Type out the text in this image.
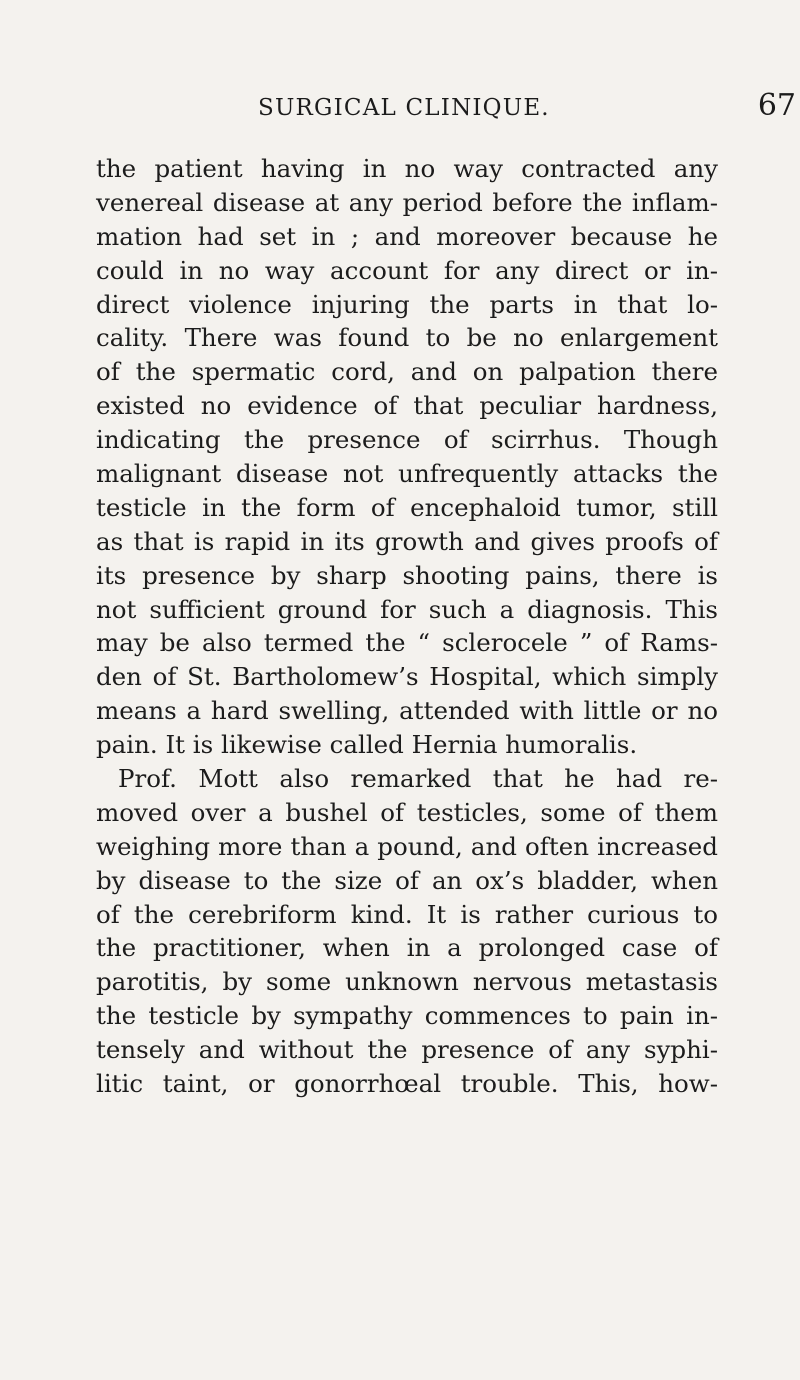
SURGICAL CLINIQUE.	67
the patient having in no way contracted any
venereal disease at any period before the inflam-
mation had set in ; and moreover because he
could in no way account for any direct or in-
direct violence injuring the parts in that lo-
cality. There was found to be no enlargement
of the spermatic cord, and on palpation there
existed no evidence of that peculiar hardness,
indicating the presence of scirrhus. Though
malignant disease not unfrequently attacks the
testicle in the form of encephaloid tumor, still
as that is rapid in its growth and gives proofs of
its presence by sharp shooting pains, there is
not sufficient ground for such a diagnosis. This
may be also termed the “ sclerocele ” of Rams-
den of St. Bartholomew’s Hospital, which simply
means a hard swelling, attended with little or no
pain. It is likewise called Hernia humoralis.
Prof. Mott also remarked that he had re-
moved over a bushel of testicles, some of them
weighing more than a pound, and often increased
by disease to the size of an ox’s bladder, when
of the cerebriform kind. It is rather curious to
the practitioner, when in a prolonged case of
parotitis, by some unknown nervous metastasis
the testicle by sympathy commences to pain in-
tensely and without the presence of any syphi-
litic taint, or gonorrhœal trouble. This, how-
